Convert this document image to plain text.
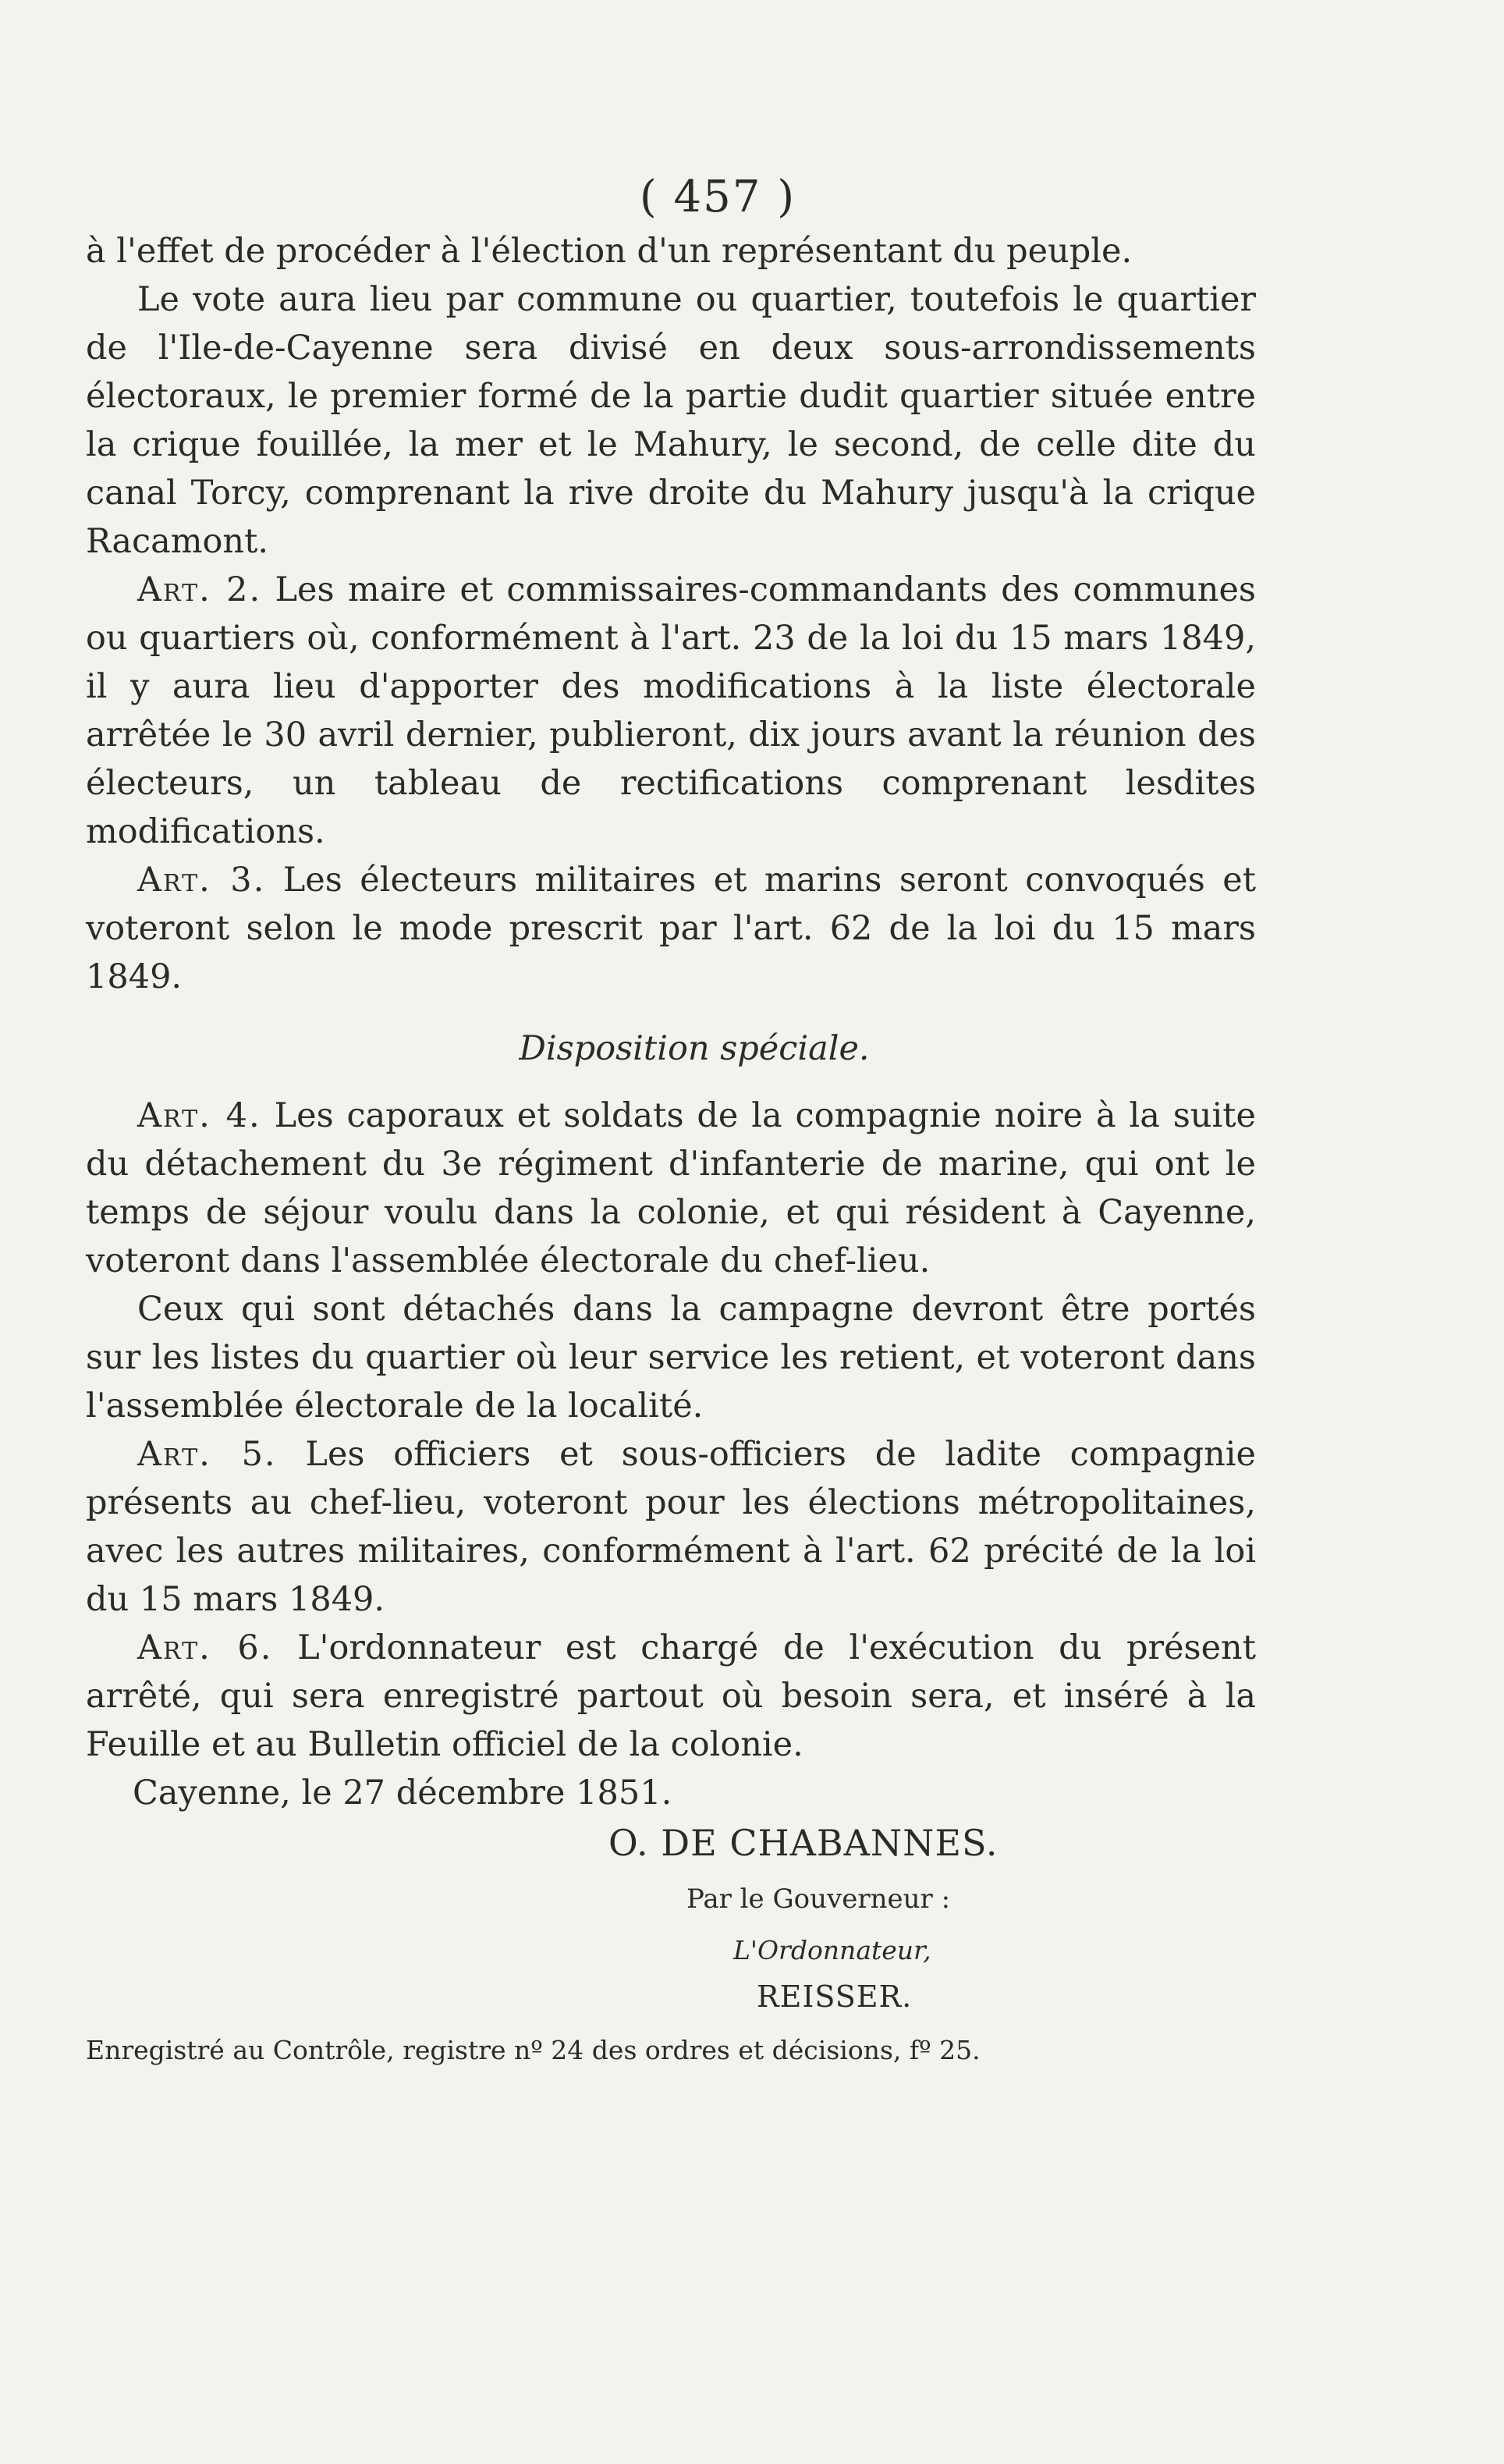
( 457 )

à l'effet de procéder à l'élection d'un représentant du peuple.

Le vote aura lieu par commune ou quartier, toutefois le quartier de l'Ile-de-Cayenne sera divisé en deux sous-arrondissements électoraux, le premier formé de la partie dudit quartier située entre la crique fouillée, la mer et le Mahury, le second, de celle dite du canal Torcy, comprenant la rive droite du Mahury jusqu'à la crique Racamont.

Art. 2. Les maire et commissaires-commandants des communes ou quartiers où, conformément à l'art. 23 de la loi du 15 mars 1849, il y aura lieu d'apporter des modifications à la liste électorale arrêtée le 30 avril dernier, publieront, dix jours avant la réunion des électeurs, un tableau de rectifications comprenant lesdites modifications.

Art. 3. Les électeurs militaires et marins seront convoqués et voteront selon le mode prescrit par l'art. 62 de la loi du 15 mars 1849.

Disposition spéciale.

Art. 4. Les caporaux et soldats de la compagnie noire à la suite du détachement du 3e régiment d'infanterie de marine, qui ont le temps de séjour voulu dans la colonie, et qui résident à Cayenne, voteront dans l'assemblée électorale du chef-lieu.

Ceux qui sont détachés dans la campagne devront être portés sur les listes du quartier où leur service les retient, et voteront dans l'assemblée électorale de la localité.

Art. 5. Les officiers et sous-officiers de ladite compagnie présents au chef-lieu, voteront pour les élections métropolitaines, avec les autres militaires, conformément à l'art. 62 précité de la loi du 15 mars 1849.

Art. 6. L'ordonnateur est chargé de l'exécution du présent arrêté, qui sera enregistré partout où besoin sera, et inséré à la Feuille et au Bulletin officiel de la colonie.

Cayenne, le 27 décembre 1851.

O. DE CHABANNES.

Par le Gouverneur :

L'Ordonnateur,

REISSER.

Enregistré au Contrôle, registre nº 24 des ordres et décisions, fº 25.
